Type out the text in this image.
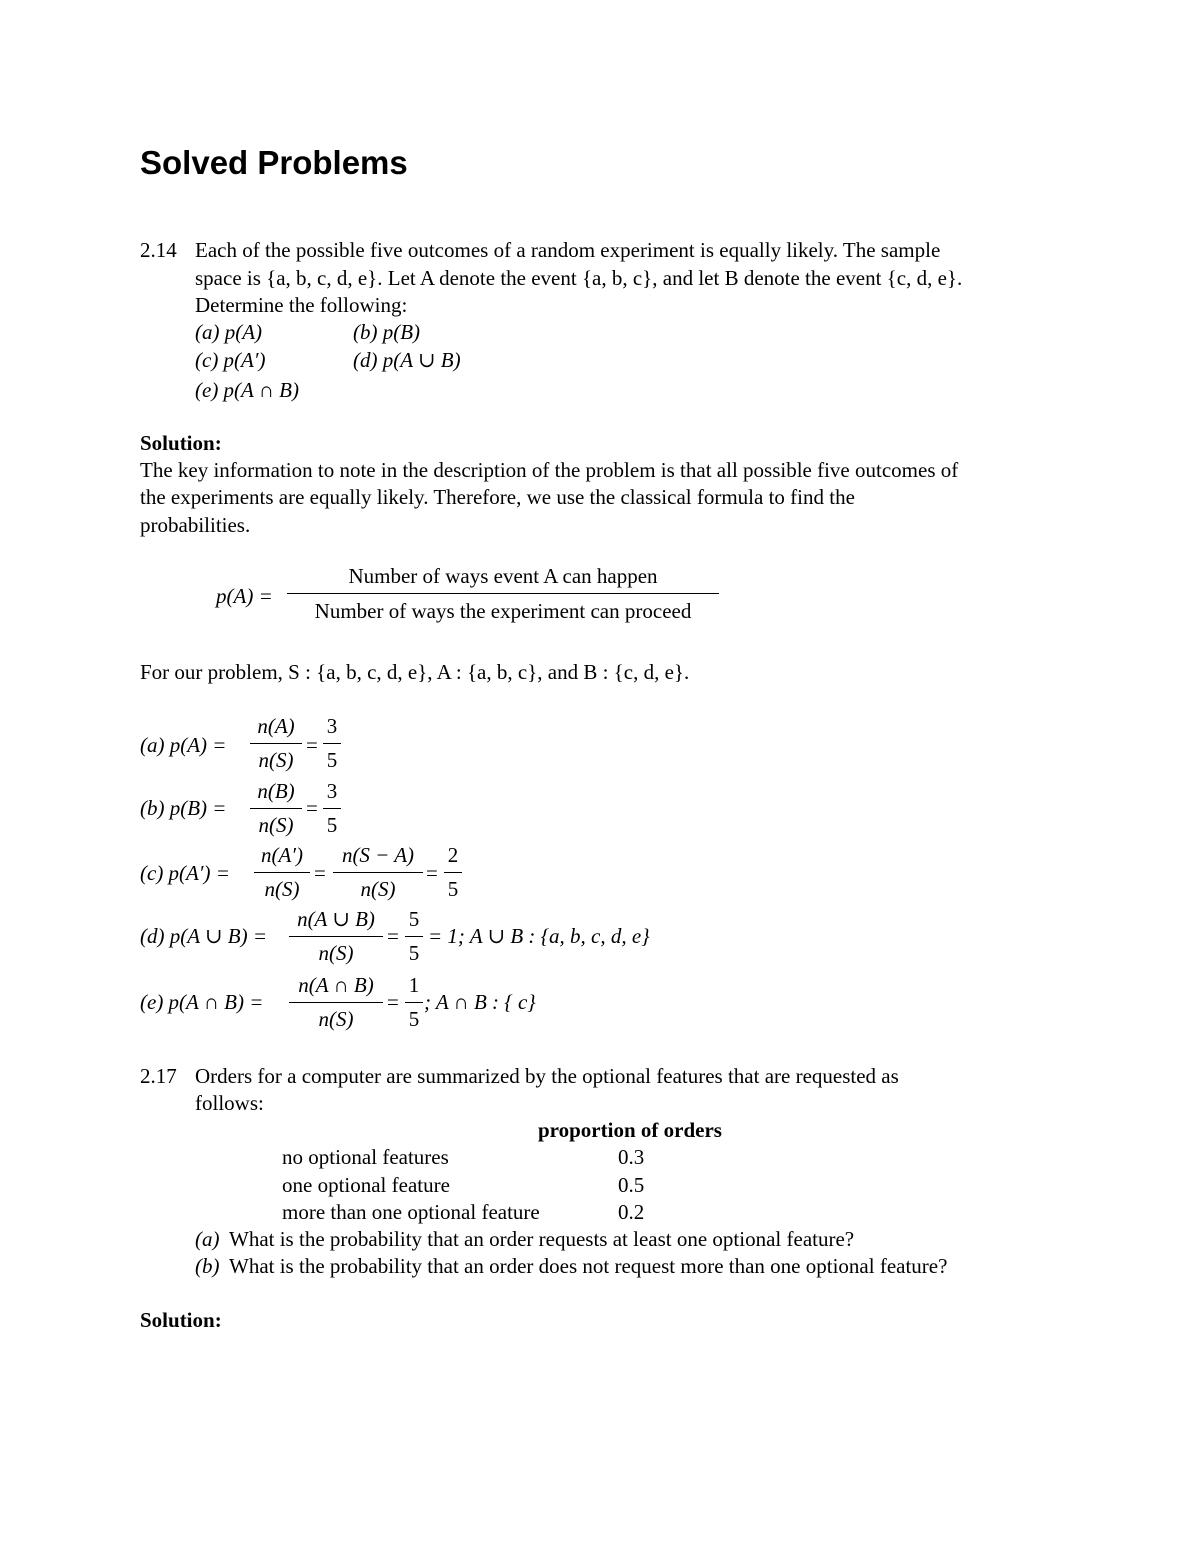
Solved Problems
2.14 Each of the possible five outcomes of a random experiment is equally likely. The sample
space is {a, b, c, d, e}. Let A denote the event {a, b, c}, and let B denote the event {c, d, e}.
Determine the following:
(a) p(A)	(b) p(B)
(c) p(A′)	(d) p(A ∪ B)
(e) p(A ∩ B)
Solution:
The key information to note in the description of the problem is that all possible five outcomes of
the experiments are equally likely. Therefore, we use the classical formula to find the
probabilities.
p(A) =
Number of ways event A can happen
Number of ways the experiment can proceed
For our problem, S : {a, b, c, d, e}, A : {a, b, c}, and B : {c, d, e}.
(a) p(A) =
n(A)
n(S)
=
3
5
(b) p(B) =
n(B)
n(S)
=
3
5
(c) p(A′) =
n(A′)
n(S)
=
n(S − A)
n(S)
=
2
5
(d) p(A ∪ B) =
n(A ∪ B)
n(S)
=
5
5
= 1; A ∪ B : {a, b, c, d, e}
(e) p(A ∩ B) =
n(A ∩ B)
n(S)
=
1
5
; A ∩ B : { c}
2.17 Orders for a computer are summarized by the optional features that are requested as
follows:
proportion of orders
no optional features	0.3
one optional feature	0.5
more than one optional feature	0.2
(a) What is the probability that an order requests at least one optional feature?
(b) What is the probability that an order does not request more than one optional feature?
Solution:
